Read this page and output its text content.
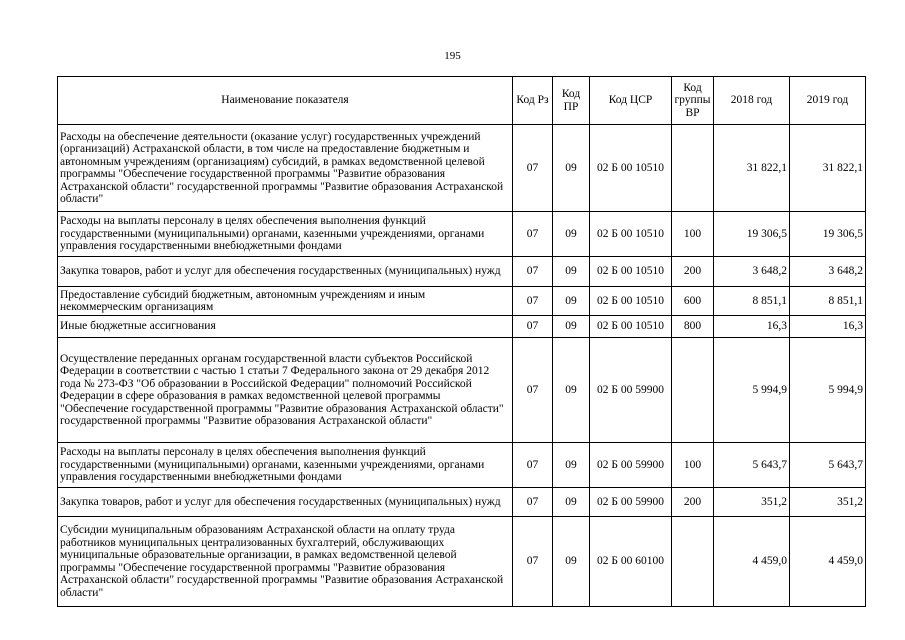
195
Наименование показателя	Код Рз	Код ПР	Код ЦСР	Код группы ВР	2018 год	2019 год
Расходы на обеспечение деятельности (оказание услуг) государственных учреждений (организаций) Астраханской области, в том числе на предоставление бюджетным и автономным учреждениям (организациям) субсидий, в рамках ведомственной целевой программы "Обеспечение государственной программы "Развитие образования Астраханской области" государственной программы "Развитие образования Астраханской области"	07	09	02 Б 00 10510		31 822,1	31 822,1
Расходы на выплаты персоналу в целях обеспечения выполнения функций государственными (муниципальными) органами, казенными учреждениями, органами управления государственными внебюджетными фондами	07	09	02 Б 00 10510	100	19 306,5	19 306,5
Закупка товаров, работ и услуг для обеспечения государственных (муниципальных) нужд	07	09	02 Б 00 10510	200	3 648,2	3 648,2
Предоставление субсидий бюджетным, автономным учреждениям и иным некоммерческим организациям	07	09	02 Б 00 10510	600	8 851,1	8 851,1
Иные бюджетные ассигнования	07	09	02 Б 00 10510	800	16,3	16,3
Осуществление переданных органам государственной власти субъектов Российской Федерации в соответствии с частью 1 статьи 7 Федерального закона от 29 декабря 2012 года № 273-ФЗ "Об образовании в Российской Федерации" полномочий Российской Федерации в сфере образования в рамках ведомственной целевой программы "Обеспечение государственной программы "Развитие образования Астраханской области" государственной программы "Развитие образования Астраханской области"	07	09	02 Б 00 59900		5 994,9	5 994,9
Расходы на выплаты персоналу в целях обеспечения выполнения функций государственными (муниципальными) органами, казенными учреждениями, органами управления государственными внебюджетными фондами	07	09	02 Б 00 59900	100	5 643,7	5 643,7
Закупка товаров, работ и услуг для обеспечения государственных (муниципальных) нужд	07	09	02 Б 00 59900	200	351,2	351,2
Субсидии муниципальным образованиям Астраханской области на оплату труда работников муниципальных централизованных бухгалтерий, обслуживающих муниципальные образовательные организации, в рамках ведомственной целевой программы "Обеспечение государственной программы "Развитие образования Астраханской области" государственной программы "Развитие образования Астраханской области"	07	09	02 Б 00 60100		4 459,0	4 459,0
